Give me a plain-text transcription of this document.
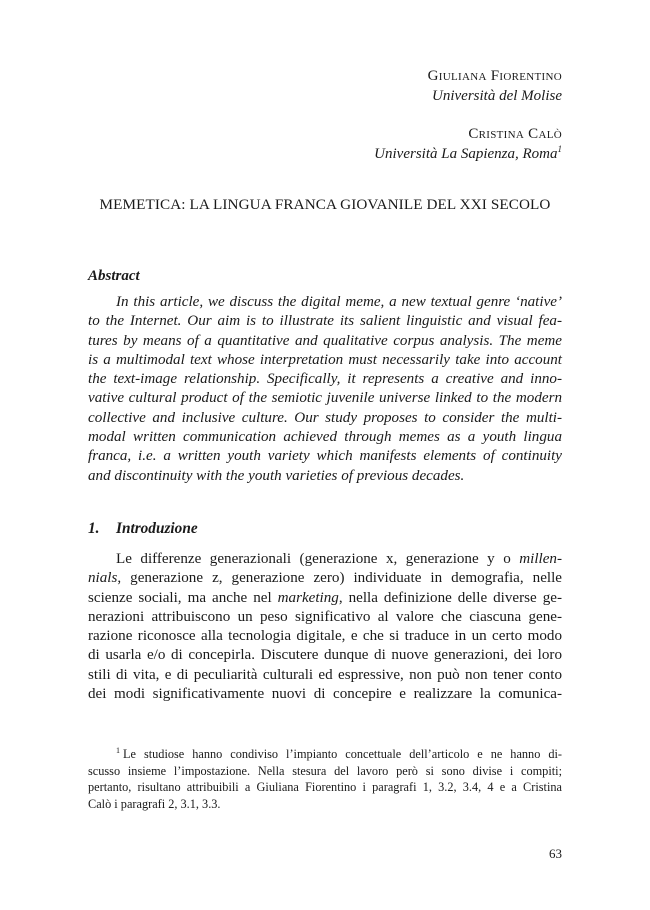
Giuliana Fiorentino
Università del Molise
Cristina Calò
Università La Sapienza, Roma$^1$
MEMETICA: LA LINGUA FRANCA GIOVANILE DEL XXI SECOLO
Abstract
In this article, we discuss the digital meme, a new textual genre ‘native’
to the Internet. Our aim is to illustrate its salient linguistic and visual fea-
tures by means of a quantitative and qualitative corpus analysis. The meme
is a multimodal text whose interpretation must necessarily take into account
the text-image relationship. Specifically, it represents a creative and inno-
vative cultural product of the semiotic juvenile universe linked to the modern
collective and inclusive culture. Our study proposes to consider the multi-
modal written communication achieved through memes as a youth lingua
franca, i.e. a written youth variety which manifests elements of continuity
and discontinuity with the youth varieties of previous decades.
1. Introduzione
Le differenze generazionali (generazione x, generazione y o millen-
nials, generazione z, generazione zero) individuate in demografia, nelle
scienze sociali, ma anche nel marketing, nella definizione delle diverse ge-
nerazioni attribuiscono un peso significativo al valore che ciascuna gene-
razione riconosce alla tecnologia digitale, e che si traduce in un certo modo
di usarla e/o di concepirla. Discutere dunque di nuove generazioni, dei loro
stili di vita, e di peculiarità culturali ed espressive, non può non tener conto
dei modi significativamente nuovi di concepire e realizzare la comunica-
$^1$ Le studiose hanno condiviso l’impianto concettuale dell’articolo e ne hanno di-
scusso insieme l’impostazione. Nella stesura del lavoro però si sono divise i compiti;
pertanto, risultano attribuibili a Giuliana Fiorentino i paragrafi 1, 3.2, 3.4, 4 e a Cristina
Calò i paragrafi 2, 3.1, 3.3.
63
